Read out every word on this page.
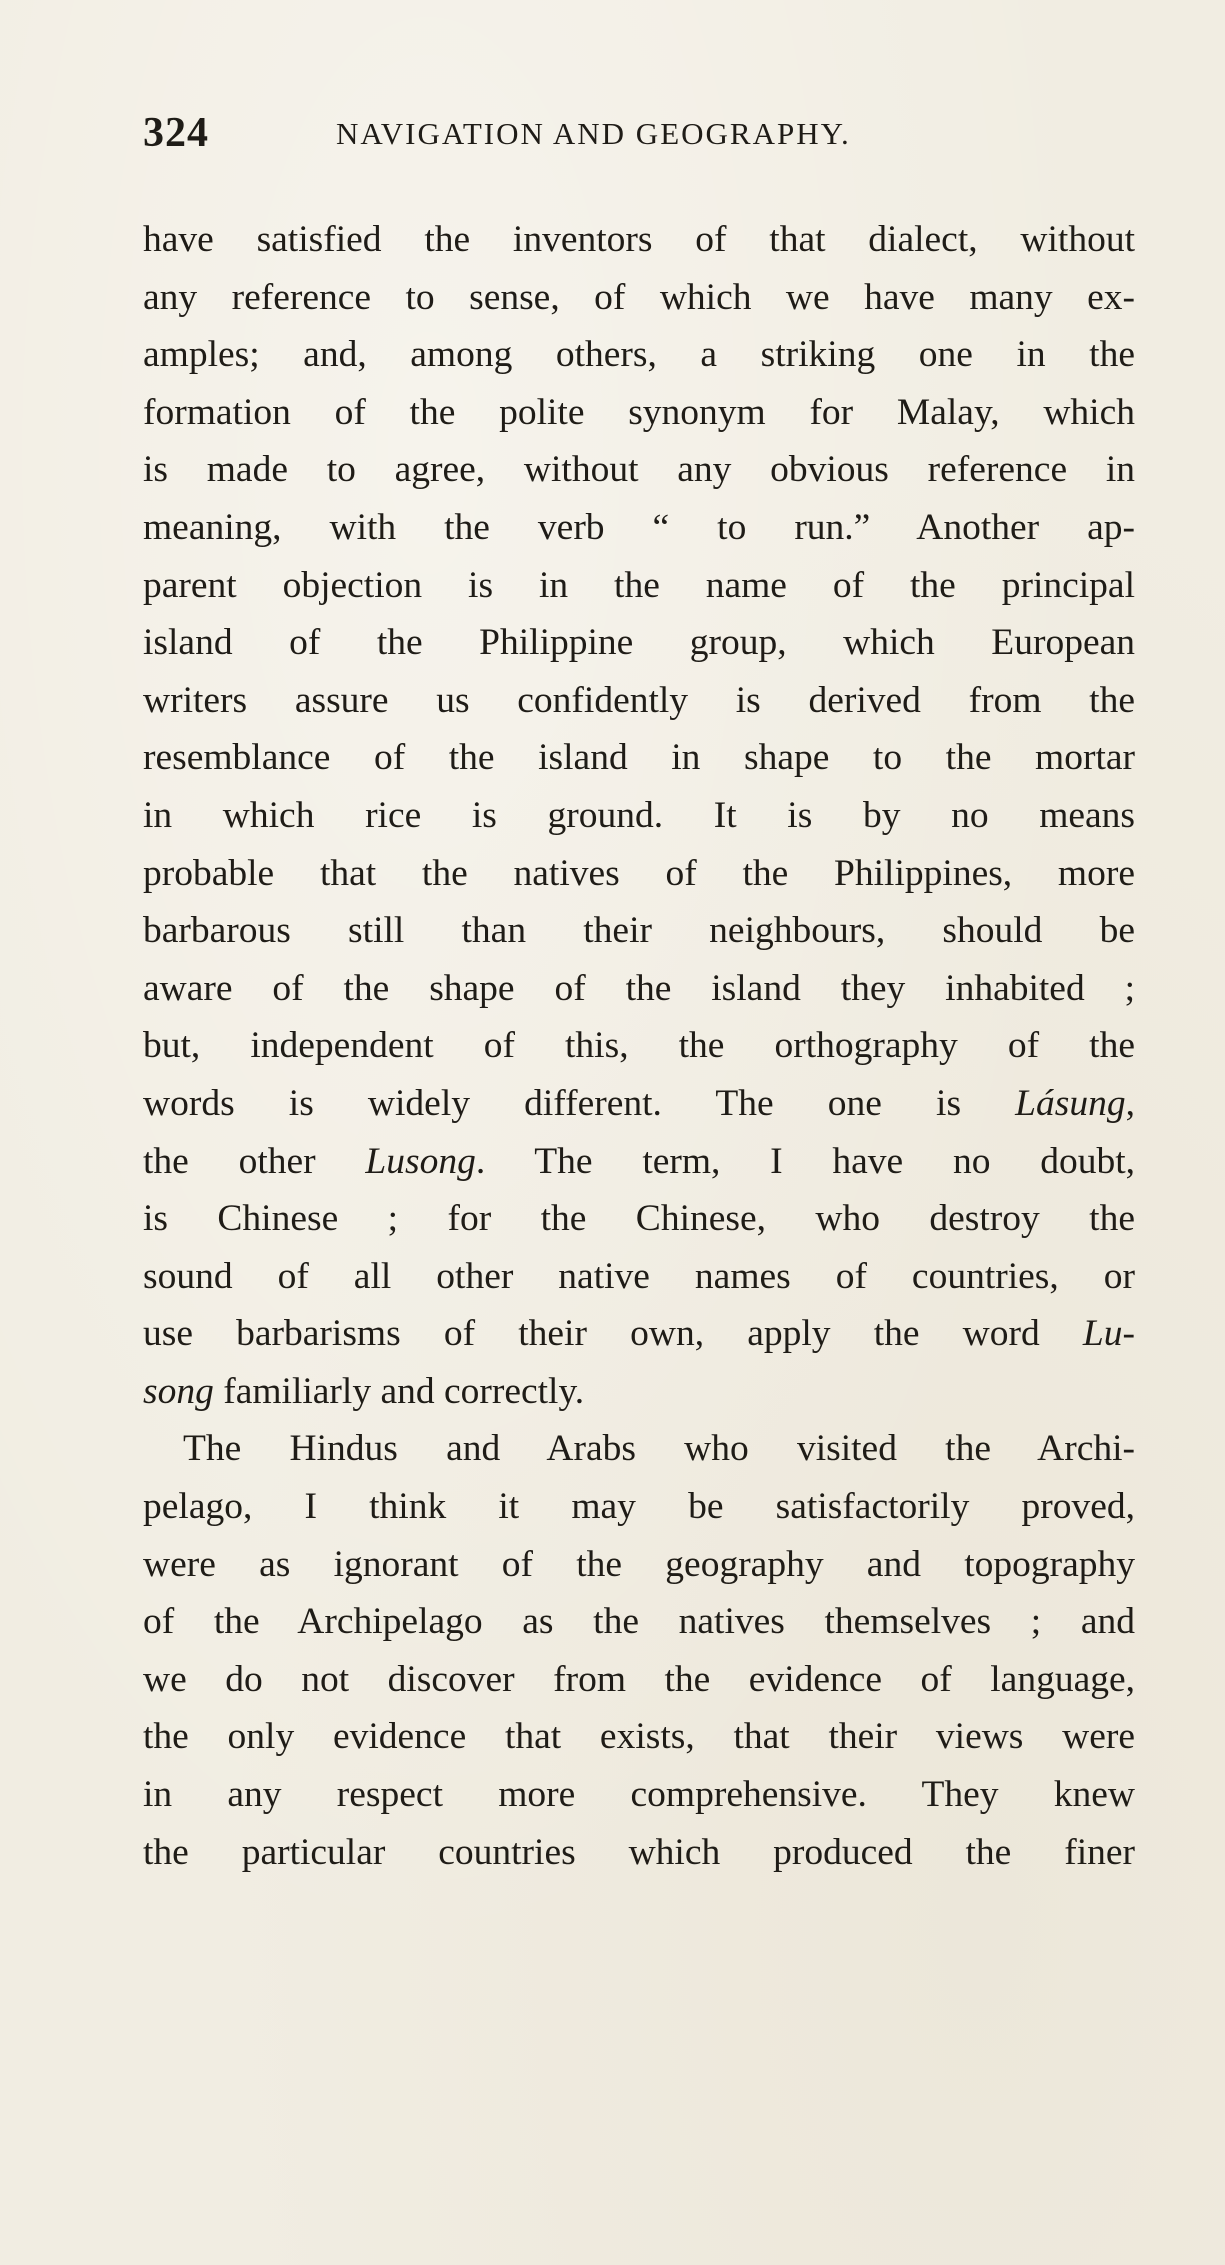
324	NAVIGATION AND GEOGRAPHY.
have satisfied the inventors of that dialect, without
any reference to sense, of which we have many ex-
amples; and, among others, a striking one in the
formation of the polite synonym for Malay, which
is made to agree, without any obvious reference in
meaning, with the verb “ to run.” Another ap-
parent objection is in the name of the principal
island of the Philippine group, which European
writers assure us confidently is derived from the
resemblance of the island in shape to the mortar
in which rice is ground. It is by no means
probable that the natives of the Philippines, more
barbarous still than their neighbours, should be
aware of the shape of the island they inhabited ;
but, independent of this, the orthography of the
words is widely different. The one is Lásung,
the other Lusong. The term, I have no doubt,
is Chinese ; for the Chinese, who destroy the
sound of all other native names of countries, or
use barbarisms of their own, apply the word Lu-
song familiarly and correctly.
The Hindus and Arabs who visited the Archi-
pelago, I think it may be satisfactorily proved,
were as ignorant of the geography and topography
of the Archipelago as the natives themselves ; and
we do not discover from the evidence of language,
the only evidence that exists, that their views were
in any respect more comprehensive. They knew
the particular countries which produced the finer
